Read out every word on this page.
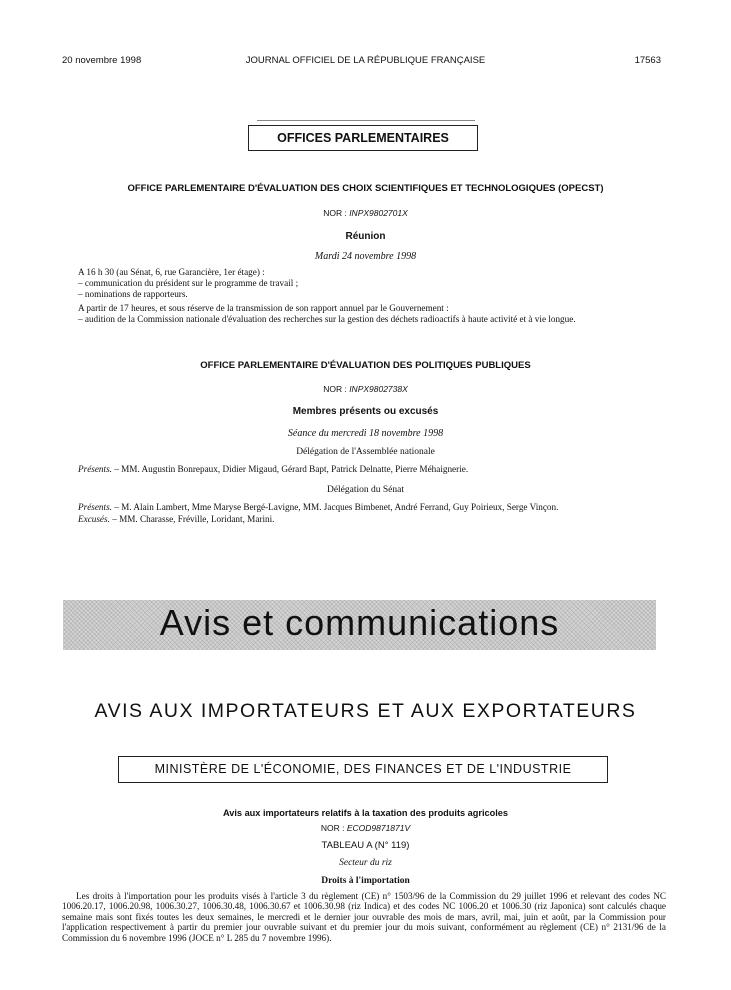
20 novembre 1998	JOURNAL OFFICIEL DE LA RÉPUBLIQUE FRANÇAISE	17563
OFFICES PARLEMENTAIRES
OFFICE PARLEMENTAIRE D'ÉVALUATION DES CHOIX SCIENTIFIQUES ET TECHNOLOGIQUES (OPECST)
NOR : INPX9802701X
Réunion
Mardi 24 novembre 1998
A 16 h 30 (au Sénat, 6, rue Garancière, 1er étage) :
– communication du président sur le programme de travail ;
– nominations de rapporteurs.
A partir de 17 heures, et sous réserve de la transmission de son rapport annuel par le Gouvernement :
– audition de la Commission nationale d'évaluation des recherches sur la gestion des déchets radioactifs à haute activité et à vie longue.
OFFICE PARLEMENTAIRE D'ÉVALUATION DES POLITIQUES PUBLIQUES
NOR : INPX9802738X
Membres présents ou excusés
Séance du mercredi 18 novembre 1998
Délégation de l'Assemblée nationale
Présents. – MM. Augustin Bonrepaux, Didier Migaud, Gérard Bapt, Patrick Delnatte, Pierre Méhaignerie.
Délégation du Sénat
Présents. – M. Alain Lambert, Mme Maryse Bergé-Lavigne, MM. Jacques Bimbenet, André Ferrand, Guy Poirieux, Serge Vinçon.
Excusés. – MM. Charasse, Fréville, Loridant, Marini.
Avis et communications
AVIS AUX IMPORTATEURS ET AUX EXPORTATEURS
MINISTÈRE DE L'ÉCONOMIE, DES FINANCES ET DE L'INDUSTRIE
Avis aux importateurs relatifs à la taxation des produits agricoles
NOR : ECOD9871871V
TABLEAU A (N° 119)
Secteur du riz
Droits à l'importation
Les droits à l'importation pour les produits visés à l'article 3 du règlement (CE) n° 1503/96 de la Commission du 29 juillet 1996 et relevant des codes NC 1006.20.17, 1006.20.98, 1006.30.27, 1006.30.48, 1006.30.67 et 1006.30.98 (riz Indica) et des codes NC 1006.20 et 1006.30 (riz Japonica) sont calculés chaque semaine mais sont fixés toutes les deux semaines, le mercredi et le dernier jour ouvrable des mois de mars, avril, mai, juin et août, par la Commission pour l'application respectivement à partir du premier jour ouvrable suivant et du premier jour du mois suivant, conformément au règlement (CE) n° 2131/96 de la Commission du 6 novembre 1996 (JOCE n° L 285 du 7 novembre 1996).
